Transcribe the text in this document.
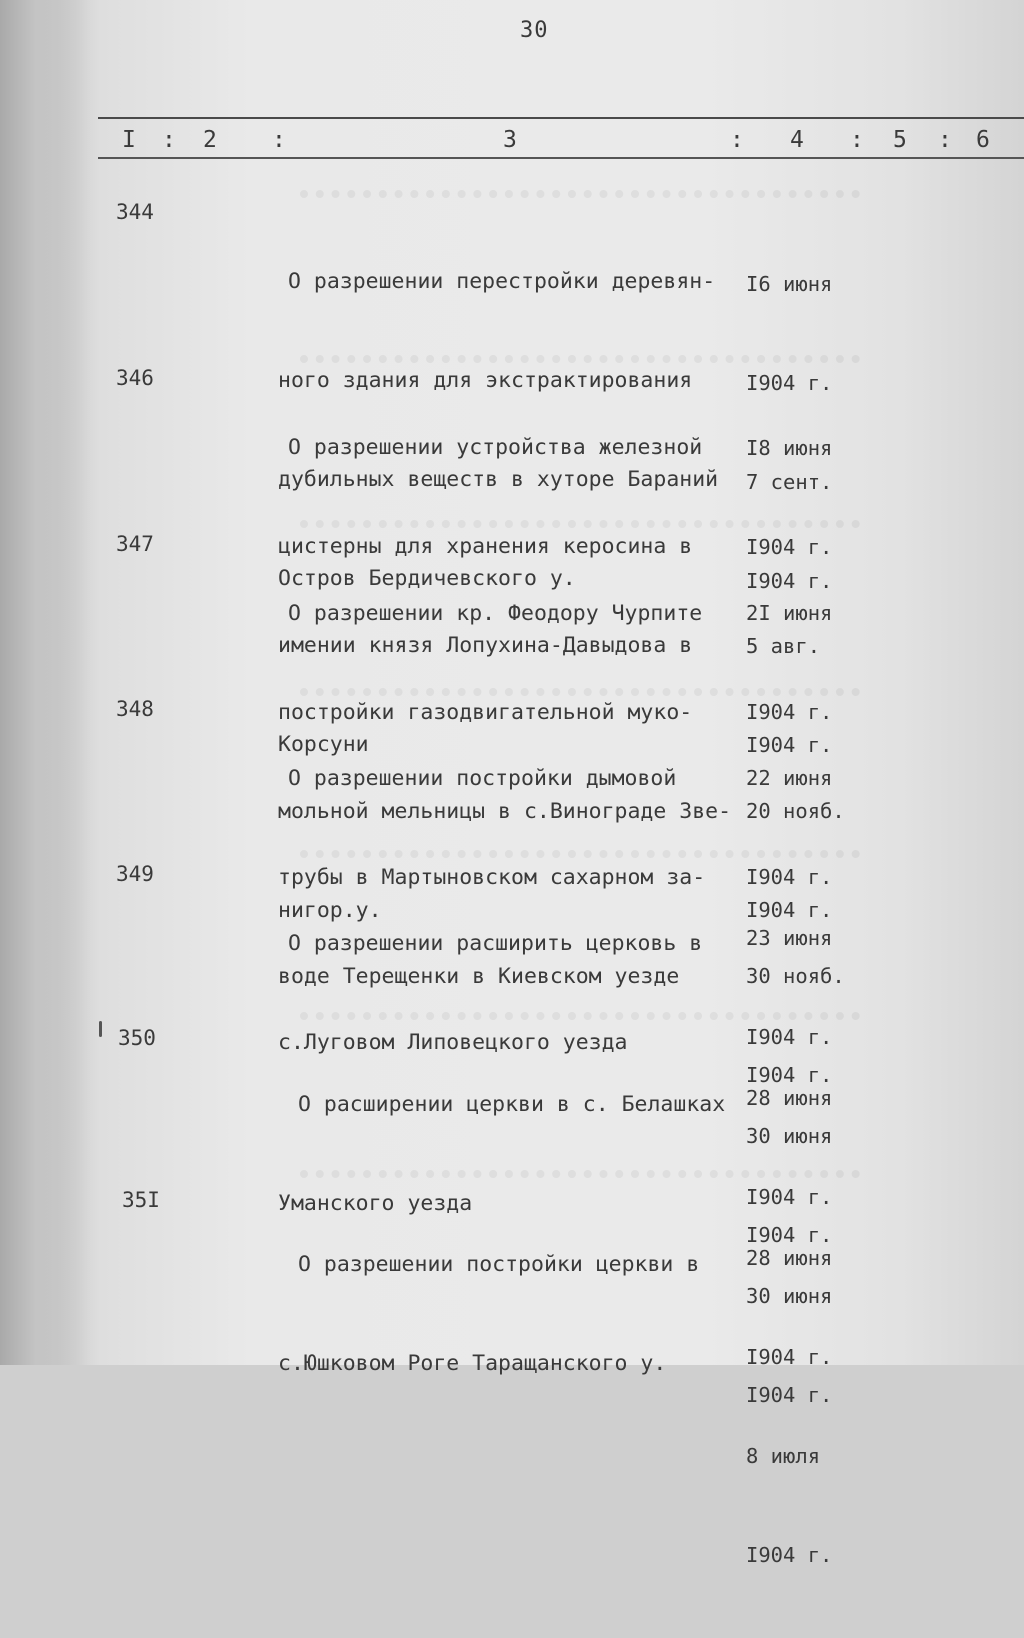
30
I : 2 :	3	: 4 : 5 : 6
344

О разрешении перестройки деревян-

ного здания для экстрактирования

дубильных веществ в хуторе Бараний

Остров Бердичевского у.

I6 июня

I904 г.

7 сент.

I904 г.

346

О разрешении устройства железной

цистерны для хранения керосина в

имении князя Лопухина-Давыдова в

Корсуни

I8 июня

I904 г.

5 авг.

I904 г.

347

О разрешении кр. Феодору Чурпите

постройки газодвигательной муко-

мольной мельницы в с.Винограде Зве-

нигор.у.

2I июня

I904 г.

20 нояб.

I904 г.

348

О разрешении постройки дымовой

трубы в Мартыновском сахарном за-

воде Терещенки в Киевском уезде

22 июня

I904 г.

30 нояб.

I904 г.

349

О разрешении расширить церковь в

с.Луговом Липовецкого уезда

23 июня

I904 г.

30 июня

I904 г.

350

О расширении церкви в с. Белашках

Уманского уезда

28 июня

I904 г.

30 июня

I904 г.

35I

О разрешении постройки церкви в

с.Юшковом Роге Таращанского у.

28 июня

I904 г.

8 июля

I904 г.
